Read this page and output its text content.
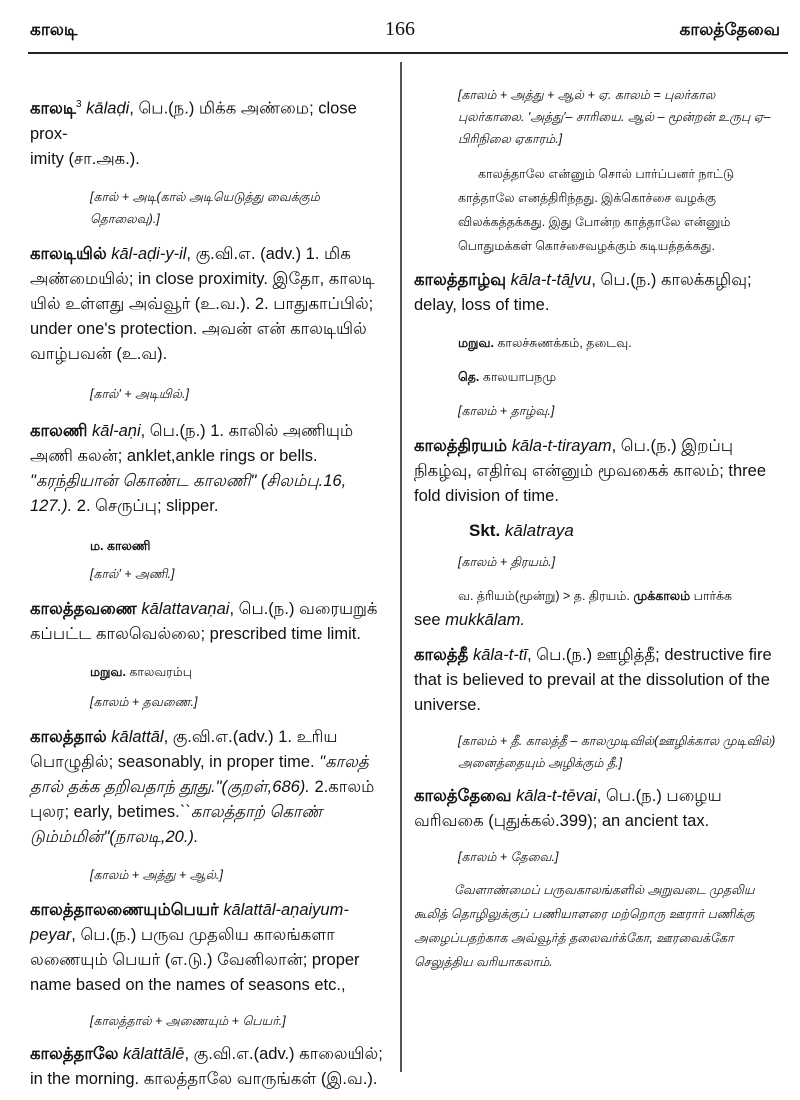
காலடி	166	காலத்தேவை

காலடி$^3$ kālaḍi, பெ.(ந.) மிக்க அண்மை; close prox-
imity (சா.அக.).

[கால் + அடி(கால் அடியெடுத்து வைக்கும் தொலைவு).]

காலடியில் kāl-aḍi-y-il, கு.வி.எ. (adv.) 1. மிக அண்மையில்; in close proximity. இதோ, காலடி யில் உள்ளது அவ்வூர் (உ.வ.). 2. பாதுகாப்பில்; under one's protection. அவன் என் காலடியில் வாழ்பவன் (உ.வ).

[கால்' + அடியில்.]

காலணி kāl-aṇi, பெ.(ந.) 1. காலில் அணியும் அணி கலன்; anklet,ankle rings or bells. "கரந்தியான் கொண்ட காலணி" (சிலம்பு.16, 127.). 2. செருப்பு; slipper.

ம. காலணி

[கால்' + அணி.]

காலத்தவணை kālattavaṇai, பெ.(ந.) வரையறுக் கப்பட்ட காலவெல்லை; prescribed time limit.

மறுவ. காலவரம்பு

[காலம் + தவணை.]

காலத்தால் kālattāl, கு.வி.எ.(adv.) 1. உரிய பொழுதில்; seasonably, in proper time. "காலத் தால் தக்க தறிவதாந் தூது."(குறள்,686). 2.காலம் புலர; early, betimes.``காலத்தாற் கொண் டும்ம்மின்"(நாலடி,20.).

[காலம் + அத்து + ஆல்.]

காலத்தாலணையும்பெயர் kālattāl-aṇaiyum-peyar, பெ.(ந.) பருவ முதலிய காலங்களா லணையும் பெயர் (எ.டு.) வேனிலான்; proper name based on the names of seasons etc.,

[காலத்தால் + அணையும் + பெயர்.]

காலத்தாலே kālattālē, கு.வி.எ.(adv.) காலையில்; in the morning. காலத்தாலே வாருங்கள் (இ.வ.).

[காலம் + அத்து + ஆல் + ஏ. காலம் = புலர்கால புலர்காலை. 'அத்து'– சாரியை. ஆல் – மூன்றன் உருபு ஏ– பிரிநிலை ஏகாரம்.]

காலத்தாலே என்னும் சொல் பார்ப்பனர் நாட்டு காத்தாலே எனத்திரிந்தது. இக்கொச்சை வழக்கு விலக்கத்தக்கது. இது போன்ற காத்தாலே என்னும் பொதுமக்கள் கொச்சைவழக்கும் கடியத்தக்கது.

காலத்தாழ்வு kāla-t-tāḻvu, பெ.(ந.) காலக்கழிவு; delay, loss of time.

மறுவ. காலச்சுணக்கம், தடைவு.

தெ. காலயாபநமு

[காலம் + தாழ்வு.]

காலத்திரயம் kāla-t-tirayam, பெ.(ந.) இறப்பு நிகழ்வு, எதிர்வு என்னும் மூவகைக் காலம்; three fold division of time.

Skt. kālatraya

[காலம் + திரயம்.]

வ. த்ரியம்(மூன்று) > த. திரயம். முக்காலம் பார்க்க
see mukkālam.

காலத்தீ kāla-t-tī, பெ.(ந.) ஊழித்தீ; destructive fire that is believed to prevail at the dissolution of the universe.

[காலம் + தீ. காலத்தீ – காலமுடிவில்(ஊழிக்கால முடிவில்) அனைத்தையும் அழிக்கும் தீ.]

காலத்தேவை kāla-t-tēvai, பெ.(ந.) பழைய வரிவகை (புதுக்கல்.399); an ancient tax.

[காலம் + தேவை.]

வேளாண்மைப் பருவகாலங்களில் அறுவடை முதலிய கூலித் தொழிலுக்குப் பணியாளரை மற்றொரு ஊரார் பணிக்கு அழைப்பதற்காக அவ்வூர்த் தலைவர்க்கோ, ஊரவைக்கோ செலுத்திய வரியாகலாம்.
